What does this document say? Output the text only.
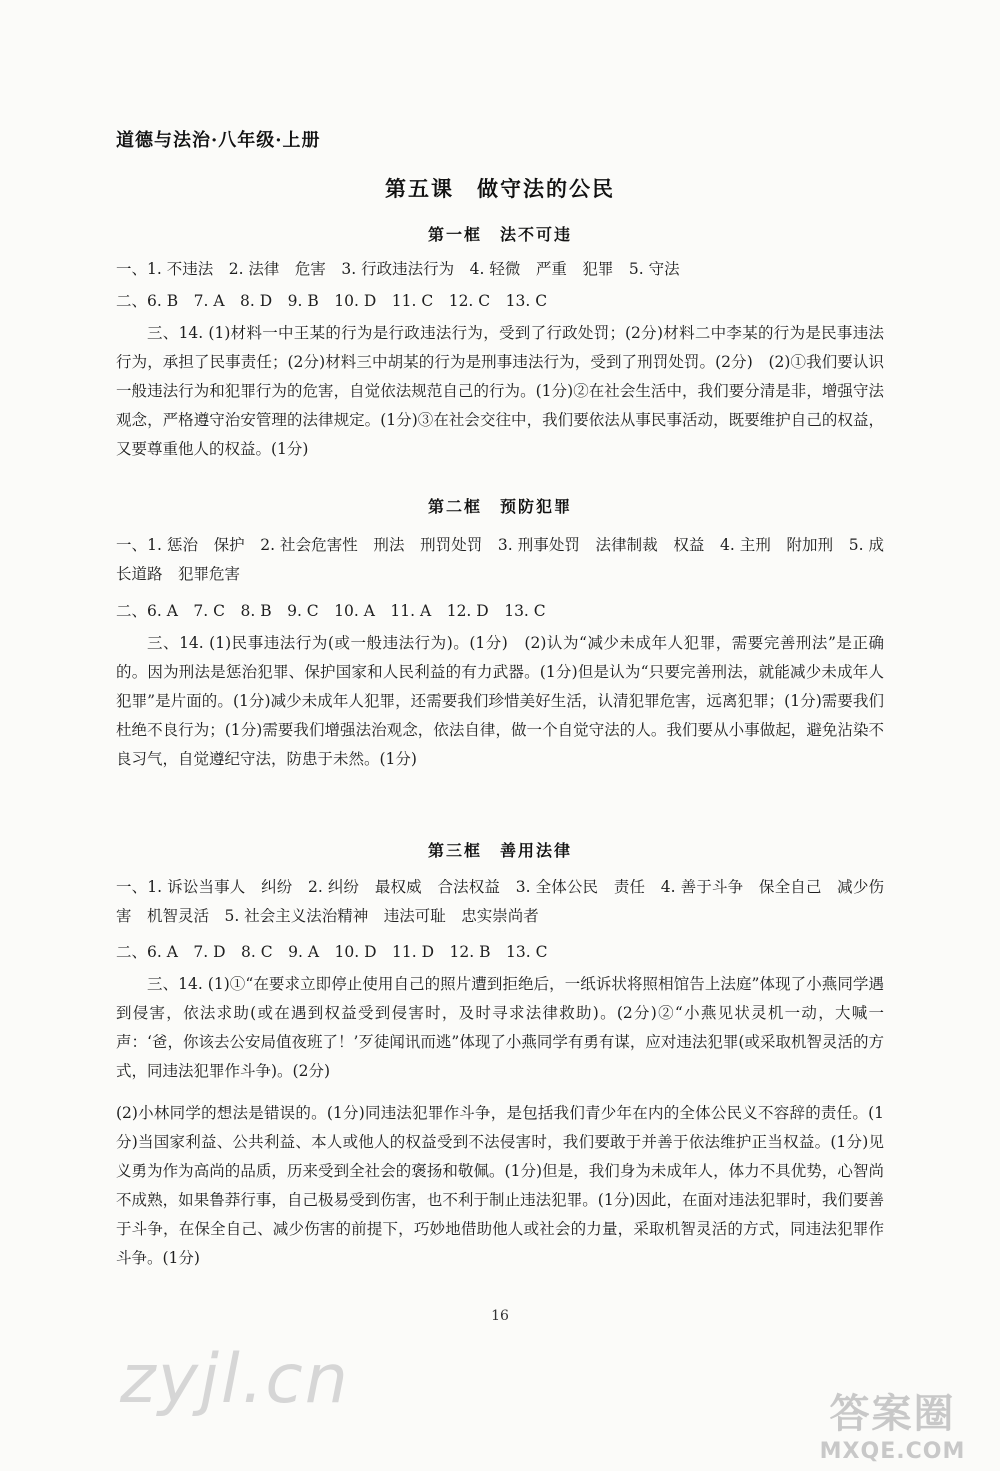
道德与法治·八年级·上册
第五课　做守法的公民
第一框　法不可违
一、1. 不违法　2. 法律　危害　3. 行政违法行为　4. 轻微　严重　犯罪　5. 守法
二、6. B　7. A　8. D　9. B　10. D　11. C　12. C　13. C
三、14. (1)材料一中王某的行为是行政违法行为，受到了行政处罚；(2分)材料二中李某的行为是民事违法行为，承担了民事责任；(2分)材料三中胡某的行为是刑事违法行为，受到了刑罚处罚。(2分)　(2)①我们要认识一般违法行为和犯罪行为的危害，自觉依法规范自己的行为。(1分)②在社会生活中，我们要分清是非，增强守法观念，严格遵守治安管理的法律规定。(1分)③在社会交往中，我们要依法从事民事活动，既要维护自己的权益，又要尊重他人的权益。(1分)
第二框　预防犯罪
一、1. 惩治　保护　2. 社会危害性　刑法　刑罚处罚　3. 刑事处罚　法律制裁　权益　4. 主刑　附加刑　5. 成长道路　犯罪危害
二、6. A　7. C　8. B　9. C　10. A　11. A　12. D　13. C
三、14. (1)民事违法行为(或一般违法行为)。(1分)　(2)认为“减少未成年人犯罪，需要完善刑法”是正确的。因为刑法是惩治犯罪、保护国家和人民利益的有力武器。(1分)但是认为“只要完善刑法，就能减少未成年人犯罪”是片面的。(1分)减少未成年人犯罪，还需要我们珍惜美好生活，认清犯罪危害，远离犯罪；(1分)需要我们杜绝不良行为；(1分)需要我们增强法治观念，依法自律，做一个自觉守法的人。我们要从小事做起，避免沾染不良习气，自觉遵纪守法，防患于未然。(1分)
第三框　善用法律
一、1. 诉讼当事人　纠纷　2. 纠纷　最权威　合法权益　3. 全体公民　责任　4. 善于斗争　保全自己　减少伤害　机智灵活　5. 社会主义法治精神　违法可耻　忠实崇尚者
二、6. A　7. D　8. C　9. A　10. D　11. D　12. B　13. C
三、14. (1)①“在要求立即停止使用自己的照片遭到拒绝后，一纸诉状将照相馆告上法庭”体现了小燕同学遇到侵害，依法求助(或在遇到权益受到侵害时，及时寻求法律救助)。(2分)②“小燕见状灵机一动，大喊一声：‘爸，你该去公安局值夜班了！’歹徒闻讯而逃”体现了小燕同学有勇有谋，应对违法犯罪(或采取机智灵活的方式，同违法犯罪作斗争)。(2分)
(2)小林同学的想法是错误的。(1分)同违法犯罪作斗争，是包括我们青少年在内的全体公民义不容辞的责任。(1分)当国家利益、公共利益、本人或他人的权益受到不法侵害时，我们要敢于并善于依法维护正当权益。(1分)见义勇为作为高尚的品质，历来受到全社会的褒扬和敬佩。(1分)但是，我们身为未成年人，体力不具优势，心智尚不成熟，如果鲁莽行事，自己极易受到伤害，也不利于制止违法犯罪。(1分)因此，在面对违法犯罪时，我们要善于斗争，在保全自己、减少伤害的前提下，巧妙地借助他人或社会的力量，采取机智灵活的方式，同违法犯罪作斗争。(1分)
16
zyjl.cn	答案圈
MXQE.COM
